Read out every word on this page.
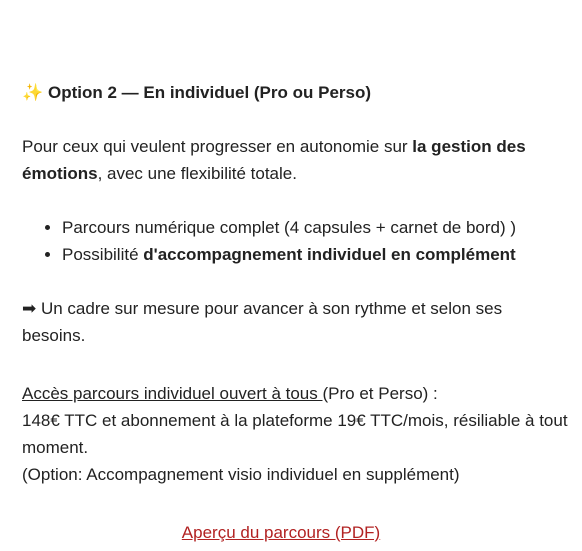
✨ Option 2 — En individuel (Pro ou Perso)

Pour ceux qui veulent progresser en autonomie sur la gestion des émotions, avec une flexibilité totale.

• Parcours numérique complet (4 capsules + carnet de bord) )
• Possibilité d'accompagnement individuel en complément

➡ Un cadre sur mesure pour avancer à son rythme et selon ses besoins.

Accès parcours individuel ouvert à tous (Pro et Perso) :
148€ TTC et abonnement à la plateforme 19€ TTC/mois, résiliable à tout moment.
(Option: Accompagnement visio individuel en supplément)

Aperçu du parcours (PDF)
